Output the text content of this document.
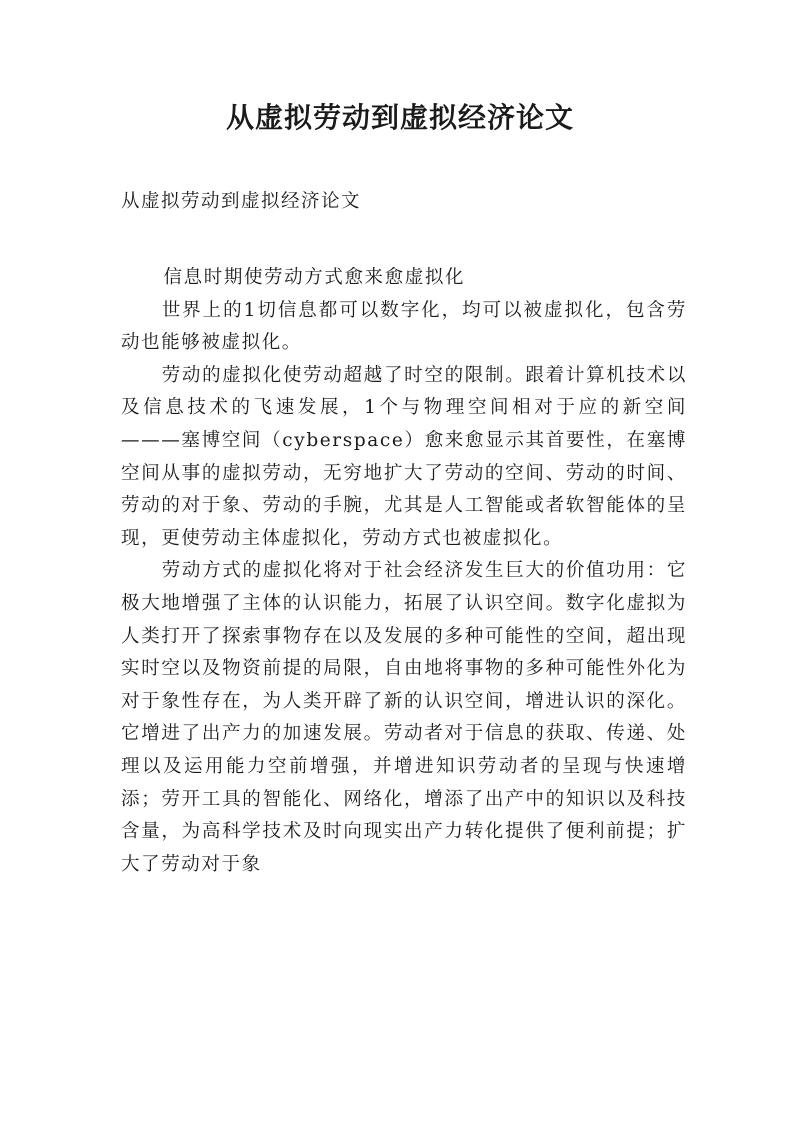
从虚拟劳动到虚拟经济论文
从虚拟劳动到虚拟经济论文

信息时期使劳动方式愈来愈虚拟化

世界上的1切信息都可以数字化，均可以被虚拟化，包含劳动也能够被虚拟化。

劳动的虚拟化使劳动超越了时空的限制。跟着计算机技术以及信息技术的飞速发展，1个与物理空间相对于应的新空间———塞博空间（cyberspace）愈来愈显示其首要性，在塞博空间从事的虚拟劳动，无穷地扩大了劳动的空间、劳动的时间、劳动的对于象、劳动的手腕，尤其是人工智能或者软智能体的呈现，更使劳动主体虚拟化，劳动方式也被虚拟化。

劳动方式的虚拟化将对于社会经济发生巨大的价值功用：它极大地增强了主体的认识能力，拓展了认识空间。数字化虚拟为人类打开了探索事物存在以及发展的多种可能性的空间，超出现实时空以及物资前提的局限，自由地将事物的多种可能性外化为对于象性存在，为人类开辟了新的认识空间，增进认识的深化。它增进了出产力的加速发展。劳动者对于信息的获取、传递、处理以及运用能力空前增强，并增进知识劳动者的呈现与快速增添；劳开工具的智能化、网络化，增添了出产中的知识以及科技含量，为高科学技术及时向现实出产力转化提供了便利前提；扩大了劳动对于象
